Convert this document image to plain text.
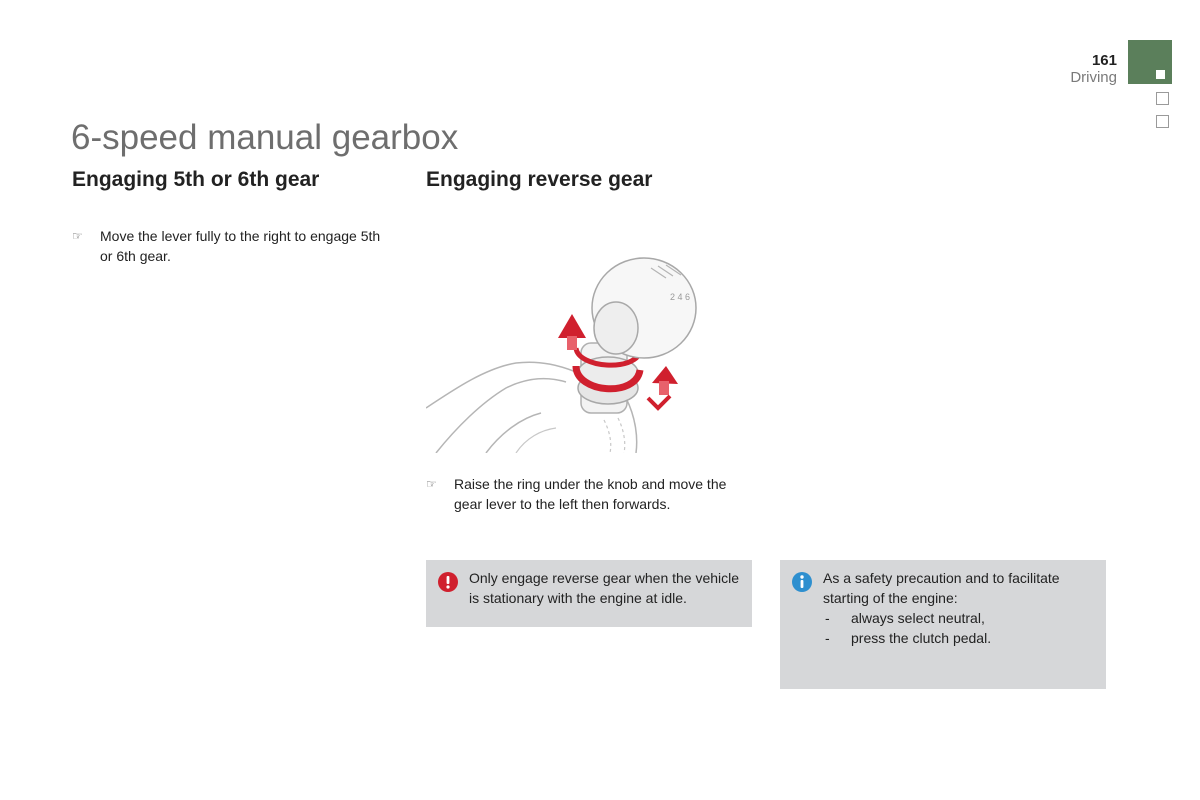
161
Driving
6-speed manual gearbox
Engaging 5th or 6th gear	Engaging reverse gear
☞ Move the lever fully to the right to engage 5th or 6th gear.
2 4 6
☞ Raise the ring under the knob and move the gear lever to the left then forwards.
Only engage reverse gear when the vehicle is stationary with the engine at idle.
As a safety precaution and to facilitate starting of the engine:
- always select neutral,
- press the clutch pedal.
